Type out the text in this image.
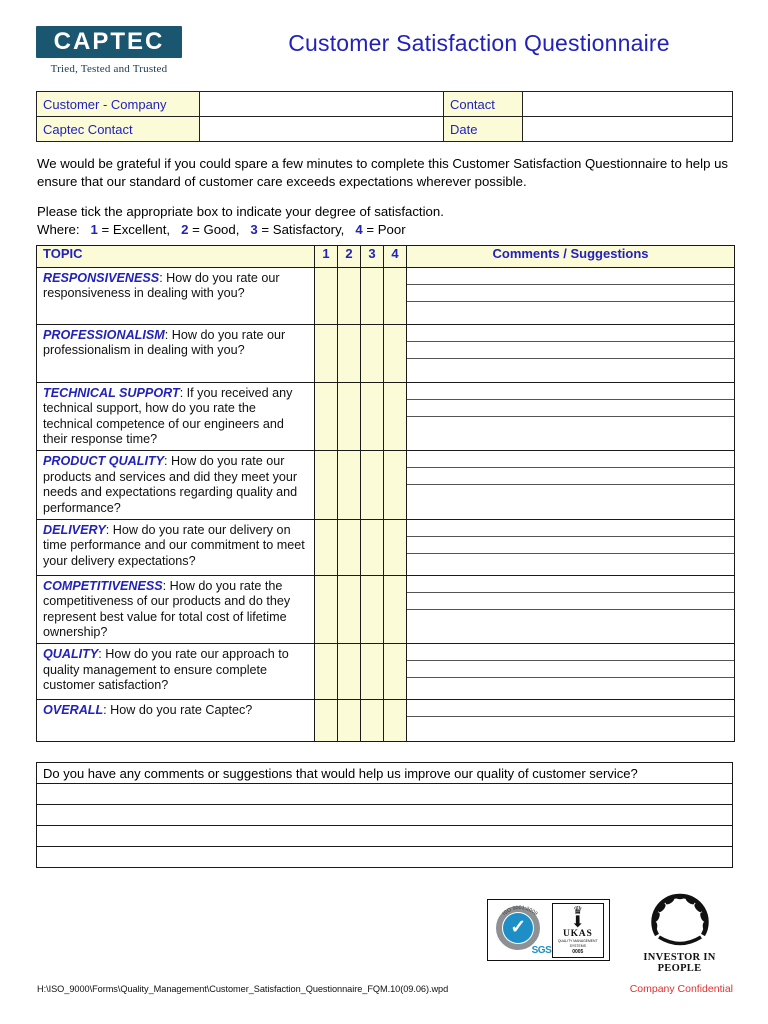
CAPTEC
Tried, Tested and Trusted
Customer Satisfaction Questionnaire
Customer - Company		Contact	
Captec Contact		Date	

We would be grateful if you could spare a few minutes to complete this Customer Satisfaction Questionnaire to help us ensure that our standard of customer care exceeds expectations wherever possible.

Please tick the appropriate box to indicate your degree of satisfaction.

Where: 1 = Excellent, 2 = Good, 3 = Satisfactory, 4 = Poor

TOPIC	1	2	3	4	Comments / Suggestions
RESPONSIVENESS: How do you rate our responsiveness in dealing with you?					

PROFESSIONALISM: How do you rate our professionalism in dealing with you?					

TECHNICAL SUPPORT: If you received any technical support, how do you rate the technical competence of our engineers and their response time?					

PRODUCT QUALITY: How do you rate our products and services and did they meet your needs and expectations regarding quality and performance?					

DELIVERY: How do you rate our delivery on time performance and our commitment to meet your delivery expectations?					

COMPETITIVENESS: How do you rate the competitiveness of our products and do they represent best value for total cost of lifetime ownership?					

QUALITY: How do you rate our approach to quality management to ensure complete customer satisfaction?					

OVERALL: How do you rate Captec?					
Do you have any comments or suggestions that would help us improve our quality of customer service?

✓
ISO 9001:2008
SGS
♛
⬇
UKAS
QUALITY MANAGEMENT SYSTEMS
0005
INVESTOR IN PEOPLE
H:\ISO_9000\Forms\Quality_Management\Customer_Satisfaction_Questionnaire_FQM.10(09.06).wpd	Company Confidential
